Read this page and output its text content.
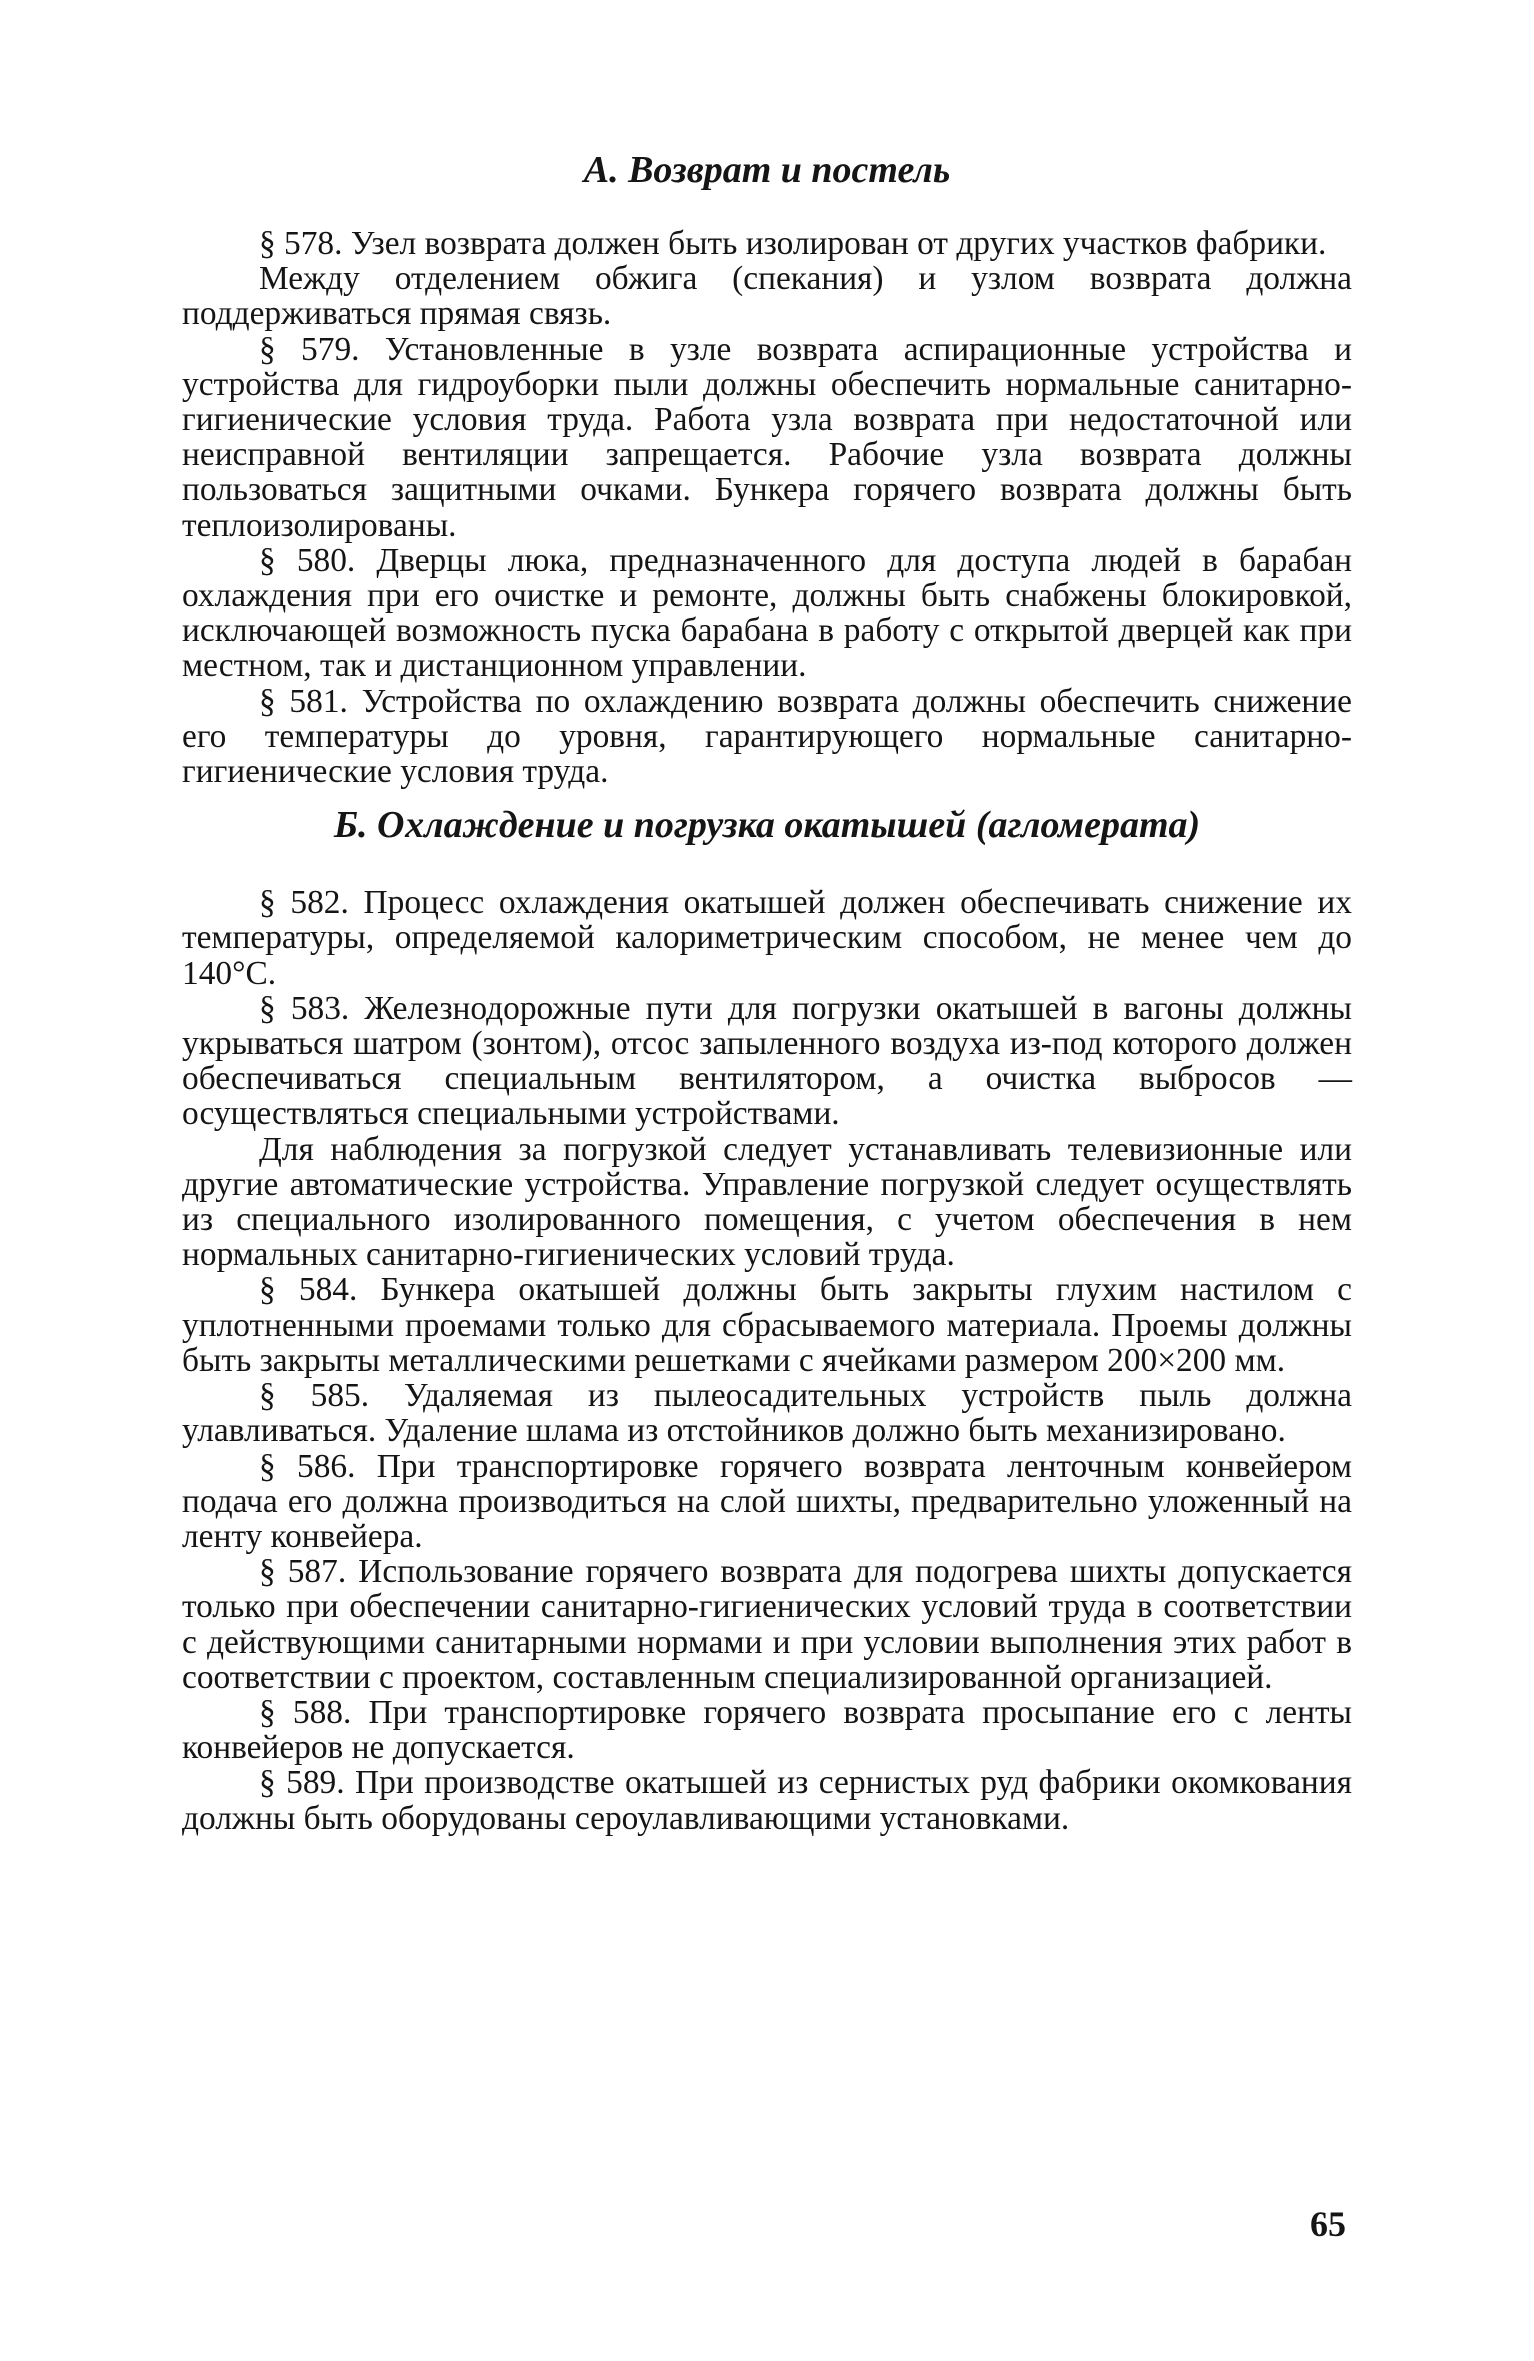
А. Возврат и постель

§ 578. Узел возврата должен быть изолирован от других участков фабрики.

Между отделением обжига (спекания) и узлом возврата должна поддерживаться прямая связь.

§ 579. Установленные в узле возврата аспирационные устройства и устройства для гидроуборки пыли должны обеспечить нормальные санитарно-гигиенические условия труда. Работа узла возврата при недостаточной или неисправной вентиляции запрещается. Рабочие узла возврата должны пользоваться защитными очками. Бункера горячего возврата должны быть теплоизолированы.

§ 580. Дверцы люка, предназначенного для доступа людей в барабан охлаждения при его очистке и ремонте, должны быть снабжены блокировкой, исключающей возможность пуска барабана в работу с открытой дверцей как при местном, так и дистанционном управлении.

§ 581. Устройства по охлаждению возврата должны обеспечить снижение его температуры до уровня, гарантирующего нормальные санитарно-гигиенические условия труда.

Б. Охлаждение и погрузка окатышей (агломерата)

§ 582. Процесс охлаждения окатышей должен обеспечивать снижение их температуры, определяемой калориметрическим способом, не менее чем до 140°С.

§ 583. Железнодорожные пути для погрузки окатышей в вагоны должны укрываться шатром (зонтом), отсос запыленного воздуха из-под которого должен обеспечиваться специальным вентилятором, а очистка выбросов — осуществляться специальными устройствами.

Для наблюдения за погрузкой следует устанавливать телевизионные или другие автоматические устройства. Управление погрузкой следует осуществлять из специального изолированного помещения, с учетом обеспечения в нем нормальных санитарно-гигиенических условий труда.

§ 584. Бункера окатышей должны быть закрыты глухим настилом с уплотненными проемами только для сбрасываемого материала. Проемы должны быть закрыты металлическими решетками с ячейками размером 200×200 мм.

§ 585. Удаляемая из пылеосадительных устройств пыль должна улавливаться. Удаление шлама из отстойников должно быть механизировано.

§ 586. При транспортировке горячего возврата ленточным конвейером подача его должна производиться на слой шихты, предварительно уложенный на ленту конвейера.

§ 587. Использование горячего возврата для подогрева шихты допускается только при обеспечении санитарно-гигиенических условий труда в соответствии с действующими санитарными нормами и при условии выполнения этих работ в соответствии с проектом, составленным специализированной организацией.

§ 588. При транспортировке горячего возврата просыпание его с ленты конвейеров не допускается.

§ 589. При производстве окатышей из сернистых руд фабрики окомкования должны быть оборудованы сероулавливающими установками.

65
